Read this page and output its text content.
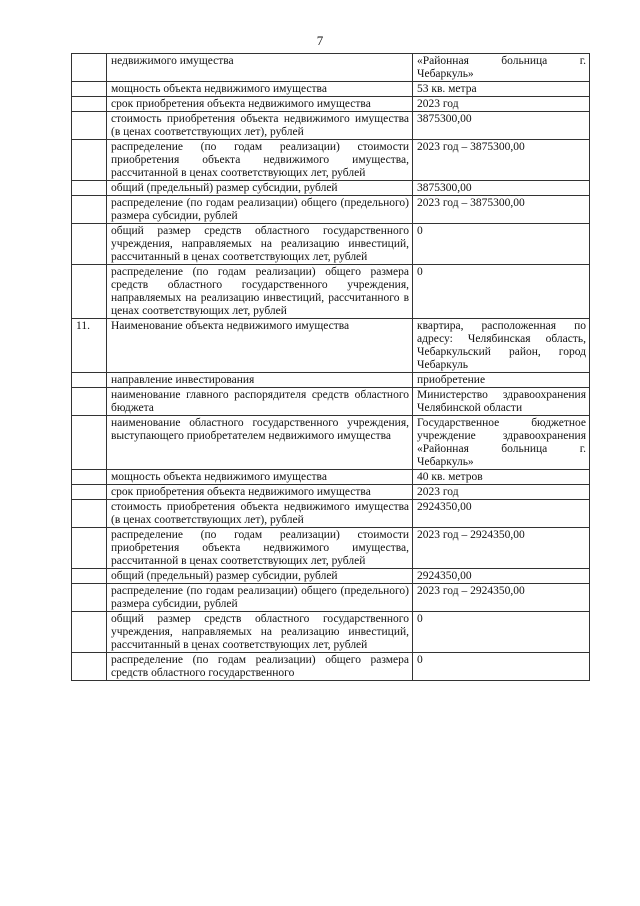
7
	недвижимого имущества	«Районная больница г. Чебаркуль»
	мощность объекта недвижимого имущества	53 кв. метра
	срок приобретения объекта недвижимого имущества	2023 год
	стоимость приобретения объекта недвижимого имущества (в ценах соответствующих лет), рублей	3875300,00
	распределение (по годам реализации) стоимости приобретения объекта недвижимого имущества, рассчитанной в ценах соответствующих лет, рублей	2023 год – 3875300,00
	общий (предельный) размер субсидии, рублей	3875300,00
	распределение (по годам реализации) общего (предельного) размера субсидии, рублей	2023 год – 3875300,00
	общий размер средств областного государственного учреждения, направляемых на реализацию инвестиций, рассчитанный в ценах соответствующих лет, рублей	0
	распределение (по годам реализации) общего размера средств областного государственного учреждения, направляемых на реализацию инвестиций, рассчитанного в ценах соответствующих лет, рублей	0
11.	Наименование объекта недвижимого имущества	квартира, расположенная по адресу: Челябинская область, Чебаркульский район, город Чебаркуль
	направление инвестирования	приобретение
	наименование главного распорядителя средств областного бюджета	Министерство здравоохранения Челябинской области
	наименование областного государственного учреждения, выступающего приобретателем недвижимого имущества	Государственное бюджетное учреждение здравоохранения «Районная больница г. Чебаркуль»
	мощность объекта недвижимого имущества	40 кв. метров
	срок приобретения объекта недвижимого имущества	2023 год
	стоимость приобретения объекта недвижимого имущества (в ценах соответствующих лет), рублей	2924350,00
	распределение (по годам реализации) стоимости приобретения объекта недвижимого имущества, рассчитанной в ценах соответствующих лет, рублей	2023 год – 2924350,00
	общий (предельный) размер субсидии, рублей	2924350,00
	распределение (по годам реализации) общего (предельного) размера субсидии, рублей	2023 год – 2924350,00
	общий размер средств областного государственного учреждения, направляемых на реализацию инвестиций, рассчитанный в ценах соответствующих лет, рублей	0
	распределение (по годам реализации) общего размера средств областного государственного	0
